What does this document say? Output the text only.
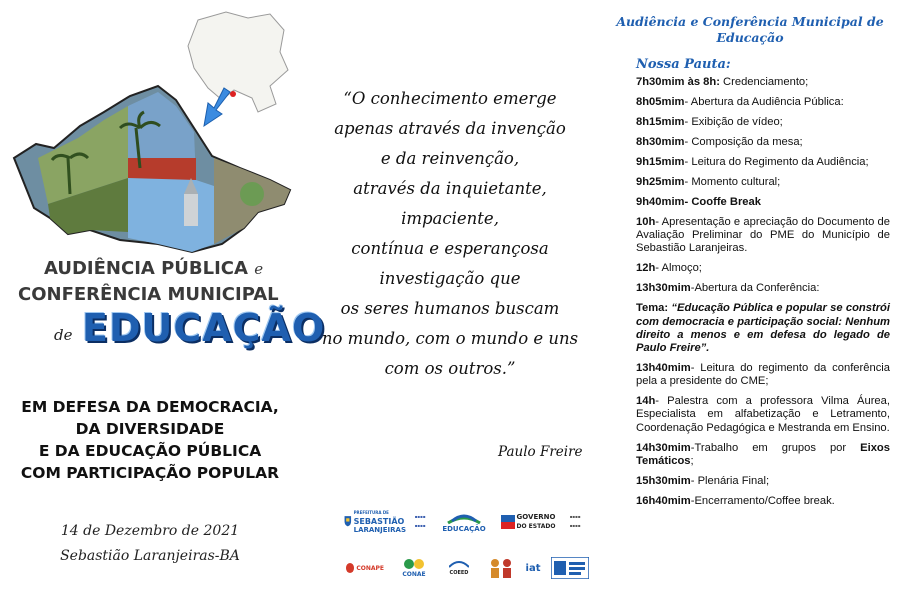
AUDIÊNCIA PÚBLICA e
CONFERÊNCIA MUNICIPAL
de EDUCAÇÃO
EM DEFESA DA DEMOCRACIA,
DA DIVERSIDADE
E DA EDUCAÇÃO PÚBLICA
COM PARTICIPAÇÃO POPULAR
14 de Dezembro de 2021
Sebastião Laranjeiras-BA
“O conhecimento emerge
apenas através da invenção
e da reinvenção,
através da inquietante,
impaciente,
contínua e esperançosa
investigação que
os seres humanos buscam
no mundo, com o mundo e uns
com os outros.”
Paulo Freire
PREFEITURA DE
SEBASTIÃO
LARANJEIRAS
▪▪▪▪
▪▪▪▪ EDUCAÇÃO
GOVERNO
DO ESTADO
▪▪▪▪
▪▪▪▪
CONAPE
CONAE	COEED	iat
Audiência e Conferência Municipal de
Educação
Nossa Pauta:
7h30mim às 8h: Credenciamento;
8h05mim- Abertura da Audiência Pública:
8h15mim- Exibição de vídeo;
8h30mim- Composição da mesa;
9h15mim- Leitura do Regimento da Audiência;
9h25mim- Momento cultural;
9h40mim- Cooffe Break
10h- Apresentação e apreciação do Documento de Avaliação Preliminar do PME do Município de Sebastião Laranjeiras.
12h- Almoço;
13h30mim-Abertura da Conferência:
Tema: “Educação Pública e popular se constrói com democracia e participação social: Nenhum direito a menos e em defesa do legado de Paulo Freire”.
13h40mim- Leitura do regimento da conferência pela a presidente do CME;
14h- Palestra com a professora Vilma Áurea, Especialista em alfabetização e Letramento, Coordenação Pedagógica e Mestranda em Ensino.
14h30mim-Trabalho em grupos por Eixos Temáticos;
15h30mim- Plenária Final;
16h40mim-Encerramento/Coffee break.
